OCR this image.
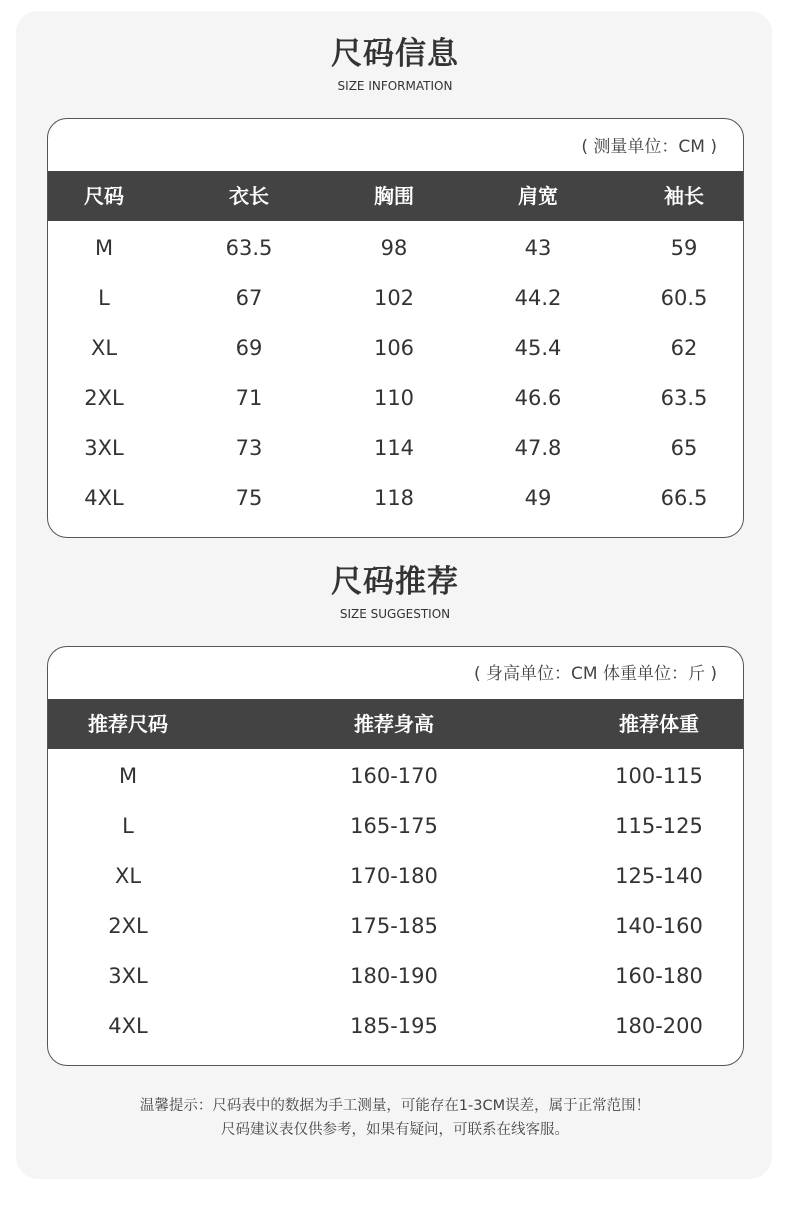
尺码信息
SIZE INFORMATION
( 测量单位：CM )
尺码	衣长	胸围	肩宽	袖长
M	63.5	98	43	59
L	67	102	44.2	60.5
XL	69	106	45.4	62
2XL	71	110	46.6	63.5
3XL	73	114	47.8	65
4XL	75	118	49	66.5
尺码推荐
SIZE SUGGESTION
( 身高单位：CM 体重单位：斤 )
推荐尺码	推荐身高	推荐体重
M	160-170	100-115
L	165-175	115-125
XL	170-180	125-140
2XL	175-185	140-160
3XL	180-190	160-180
4XL	185-195	180-200
温馨提示：尺码表中的数据为手工测量，可能存在1-3CM误差，属于正常范围！
尺码建议表仅供参考，如果有疑问，可联系在线客服。
